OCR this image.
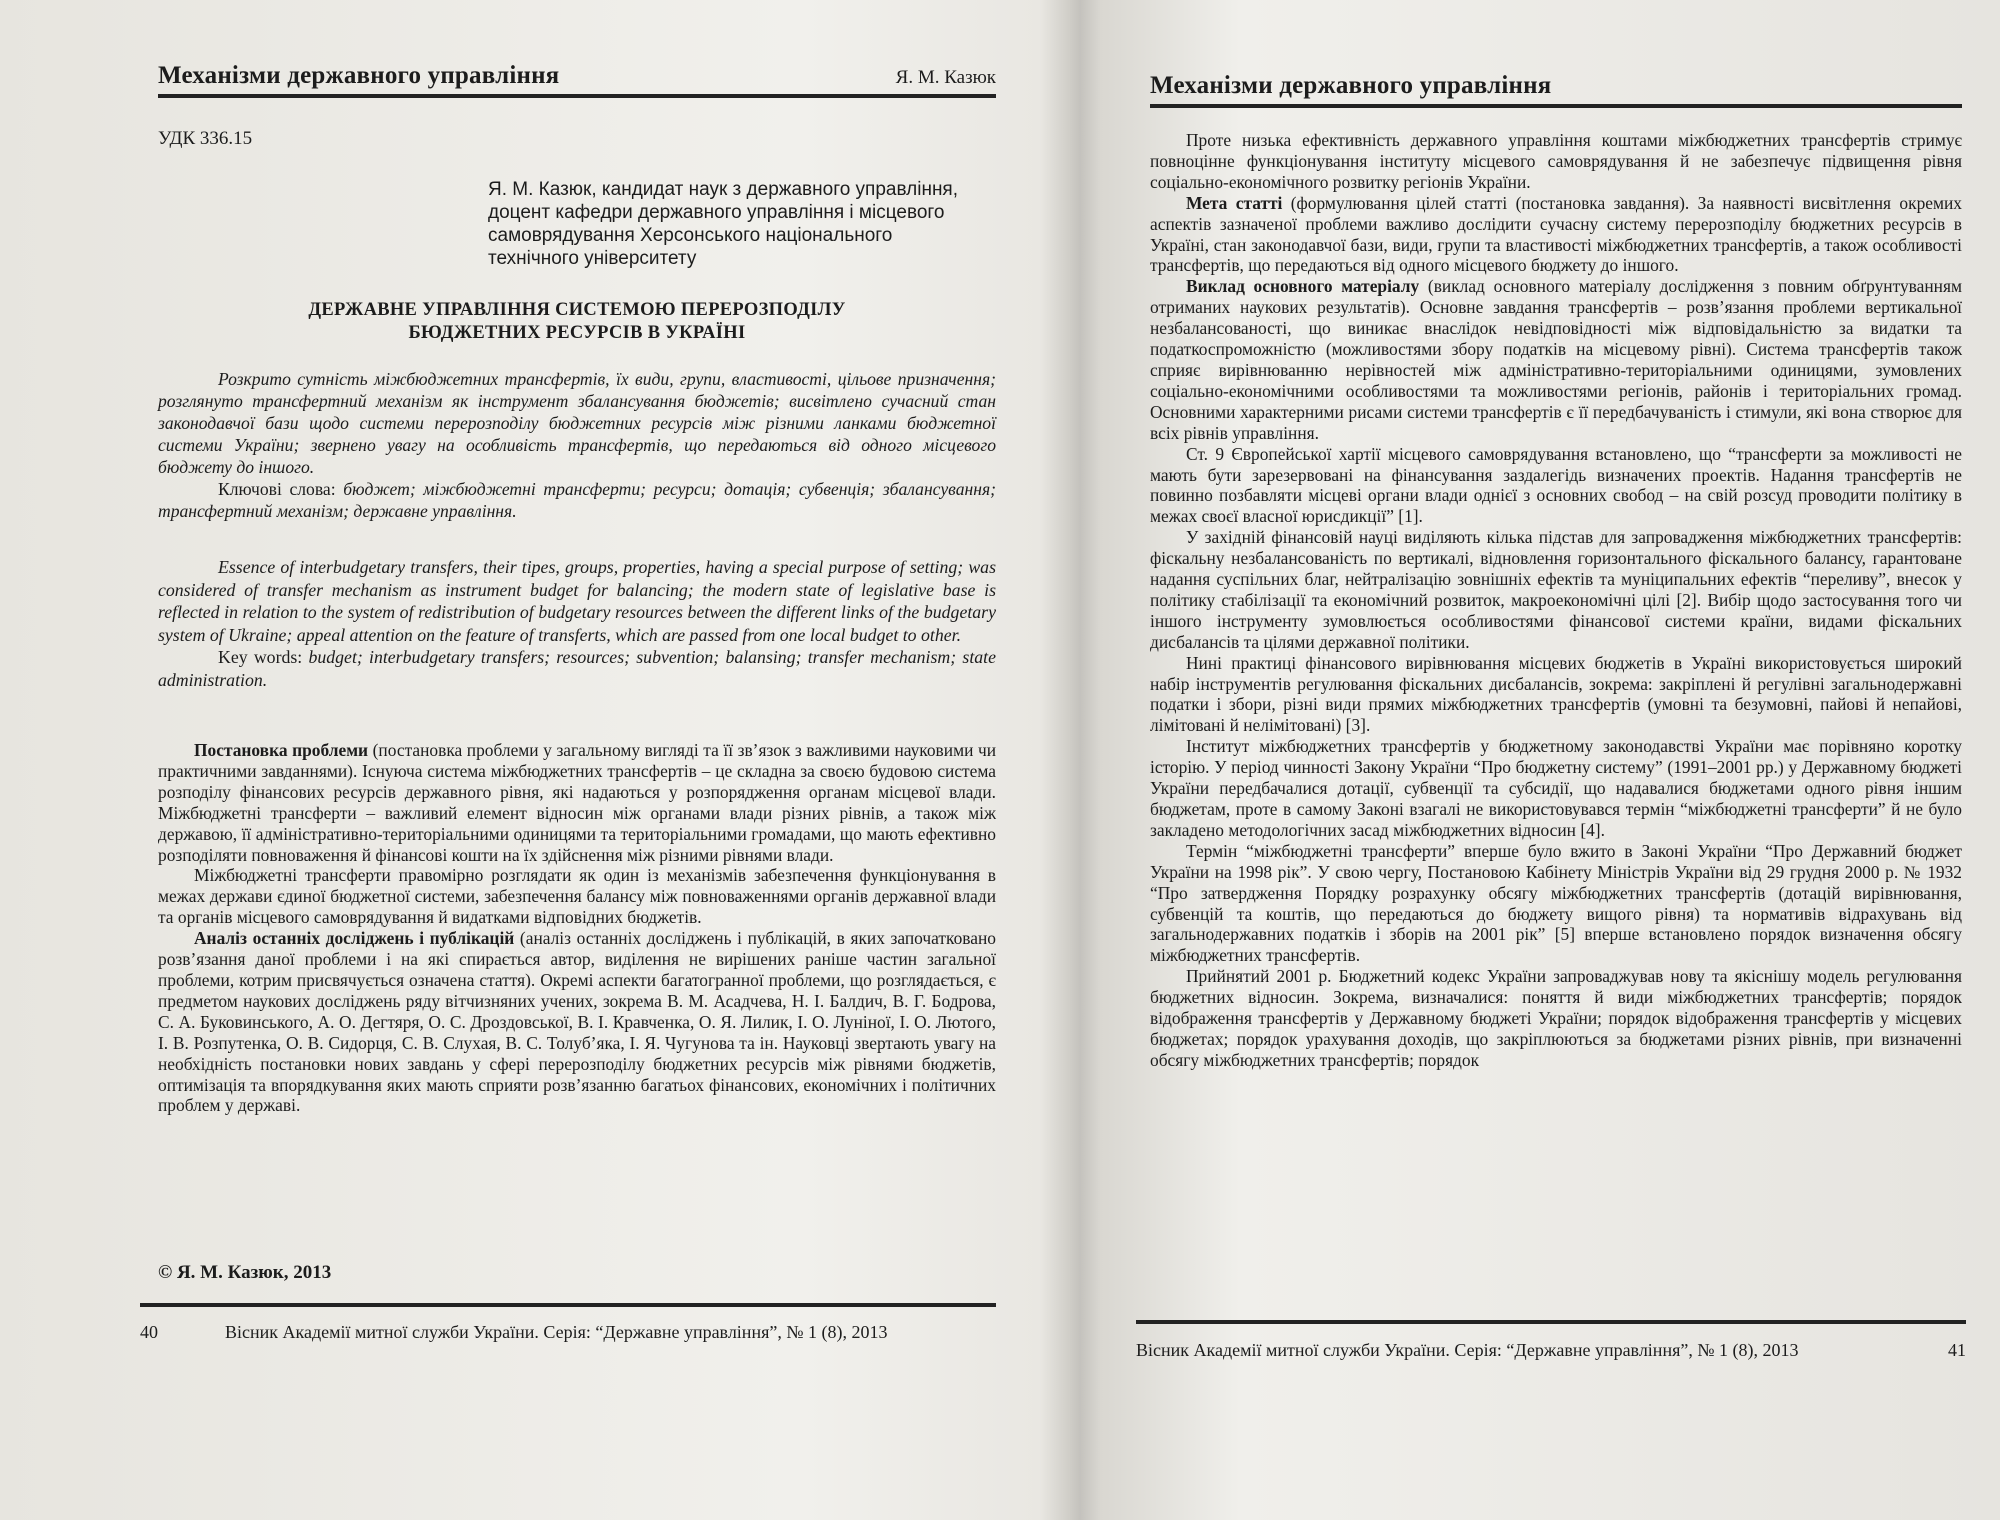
Механізми державного управління	Я. М. Казюк
УДК 336.15
Я. М. Казюк, кандидат наук з державного управління,
доцент кафедри державного управління і місцевого
самоврядування Херсонського національного
технічного університету
ДЕРЖАВНЕ УПРАВЛІННЯ СИСТЕМОЮ ПЕРЕРОЗПОДІЛУ
БЮДЖЕТНИХ РЕСУРСІВ В УКРАЇНІ

Розкрито сутність міжбюджетних трансфертів, їх види, групи, властивості, цільове призначення; розглянуто трансфертний механізм як інструмент збалансування бюджетів; висвітлено сучасний стан законодавчої бази щодо системи перерозподілу бюджетних ресурсів між різними ланками бюджетної системи України; звернено увагу на особливість трансфертів, що передаються від одного місцевого бюджету до іншого.

Ключові слова: бюджет; міжбюджетні трансферти; ресурси; дотація; субвенція; збалансування; трансфертний механізм; державне управління.

Essence of interbudgetary transfers, their tipes, groups, properties, having a special purpose of setting; was considered of transfer mechanism as instrument budget for balancing; the modern state of legislative base is reflected in relation to the system of redistribution of budgetary resources between the different links of the budgetary system of Ukraine; appeal attention on the feature of transferts, which are passed from one local budget to other.

Key words: budget; interbudgetary transfers; resources; subvention; balansing; transfer mechanism; state administration.

Постановка проблеми (постановка проблеми у загальному вигляді та її зв’язок з важливими науковими чи практичними завданнями). Існуюча система міжбюджетних трансфертів – це складна за своєю будовою система розподілу фінансових ресурсів державного рівня, які надаються у розпорядження органам місцевої влади. Міжбюджетні трансферти – важливий елемент відносин між органами влади різних рівнів, а також між державою, її адміністративно-територіальними одиницями та територіальними громадами, що мають ефективно розподіляти повноваження й фінансові кошти на їх здійснення між різними рівнями влади.

Міжбюджетні трансферти правомірно розглядати як один із механізмів забезпечення функціонування в межах держави єдиної бюджетної системи, забезпечення балансу між повноваженнями органів державної влади та органів місцевого самоврядування й видатками відповідних бюджетів.

Аналіз останніх досліджень і публікацій (аналіз останніх досліджень і публікацій, в яких започатковано розв’язання даної проблеми і на які спирається автор, виділення не вирішених раніше частин загальної проблеми, котрим присвячується означена стаття). Окремі аспекти багатогранної проблеми, що розглядається, є предметом наукових досліджень ряду вітчизняних учених, зокрема В. М. Асадчева, Н. І. Балдич, В. Г. Бодрова, С. А. Буковинського, А. О. Дегтяря, О. С. Дроздовської, В. І. Кравченка, О. Я. Лилик, І. О. Луніної, І. О. Лютого, І. В. Розпутенка, О. В. Сидорця, С. В. Слухая, В. С. Толуб’яка, І. Я. Чугунова та ін. Науковці звертають увагу на необхідність постановки нових завдань у сфері перерозподілу бюджетних ресурсів між рівнями бюджетів, оптимізація та впорядкування яких мають сприяти розв’язанню багатьох фінансових, економічних і політичних проблем у державі.

© Я. М. Казюк, 2013
40	Вісник Академії митної служби України. Серія: “Державне управління”, № 1 (8), 2013
Механізми державного управління

Проте низька ефективність державного управління коштами міжбюджетних трансфертів стримує повноцінне функціонування інституту місцевого самоврядування й не забезпечує підвищення рівня соціально-економічного розвитку регіонів України.

Мета статті (формулювання цілей статті (постановка завдання). За наявності висвітлення окремих аспектів зазначеної проблеми важливо дослідити сучасну систему перерозподілу бюджетних ресурсів в Україні, стан законодавчої бази, види, групи та властивості міжбюджетних трансфертів, а також особливості трансфертів, що передаються від одного місцевого бюджету до іншого.

Виклад основного матеріалу (виклад основного матеріалу дослідження з повним обґрунтуванням отриманих наукових результатів). Основне завдання трансфертів – розв’язання проблеми вертикальної незбалансованості, що виникає внаслідок невідповідності між відповідальністю за видатки та податкоспроможністю (можливостями збору податків на місцевому рівні). Система трансфертів також сприяє вирівнюванню нерівностей між адміністративно-територіальними одиницями, зумовлених соціально-економічними особливостями та можливостями регіонів, районів і територіальних громад. Основними характерними рисами системи трансфертів є її передбачуваність і стимули, які вона створює для всіх рівнів управління.

Ст. 9 Європейської хартії місцевого самоврядування встановлено, що “трансферти за можливості не мають бути зарезервовані на фінансування заздалегідь визначених проектів. Надання трансфертів не повинно позбавляти місцеві органи влади однієї з основних свобод – на свій розсуд проводити політику в межах своєї власної юрисдикції” [1].

У західній фінансовій науці виділяють кілька підстав для запровадження міжбюджетних трансфертів: фіскальну незбалансованість по вертикалі, відновлення горизонтального фіскального балансу, гарантоване надання суспільних благ, нейтралізацію зовнішніх ефектів та муніципальних ефектів “переливу”, внесок у політику стабілізації та економічний розвиток, макроекономічні цілі [2]. Вибір щодо застосування того чи іншого інструменту зумовлюється особливостями фінансової системи країни, видами фіскальних дисбалансів та цілями державної політики.

Нині практиці фінансового вирівнювання місцевих бюджетів в Україні використовується широкий набір інструментів регулювання фіскальних дисбалансів, зокрема: закріплені й регулівні загальнодержавні податки і збори, різні види прямих міжбюджетних трансфертів (умовні та безумовні, пайові й непайові, лімітовані й нелімітовані) [3].

Інститут міжбюджетних трансфертів у бюджетному законодавстві України має порівняно коротку історію. У період чинності Закону України “Про бюджетну систему” (1991–2001 рр.) у Державному бюджеті України передбачалися дотації, субвенції та субсидії, що надавалися бюджетами одного рівня іншим бюджетам, проте в самому Законі взагалі не використовувався термін “міжбюджетні трансферти” й не було закладено методологічних засад міжбюджетних відносин [4].

Термін “міжбюджетні трансферти” вперше було вжито в Законі України “Про Державний бюджет України на 1998 рік”. У свою чергу, Постановою Кабінету Міністрів України від 29 грудня 2000 р. № 1932 “Про затвердження Порядку розрахунку обсягу міжбюджетних трансфертів (дотацій вирівнювання, субвенцій та коштів, що передаються до бюджету вищого рівня) та нормативів відрахувань від загальнодержавних податків і зборів на 2001 рік” [5] вперше встановлено порядок визначення обсягу міжбюджетних трансфертів.

Прийнятий 2001 р. Бюджетний кодекс України запроваджував нову та якіснішу модель регулювання бюджетних відносин. Зокрема, визначалися: поняття й види міжбюджетних трансфертів; порядок відображення трансфертів у Державному бюджеті України; порядок відображення трансфертів у місцевих бюджетах; порядок урахування доходів, що закріплюються за бюджетами різних рівнів, при визначенні обсягу міжбюджетних трансфертів; порядок

Вісник Академії митної служби України. Серія: “Державне управління”, № 1 (8), 2013	41
